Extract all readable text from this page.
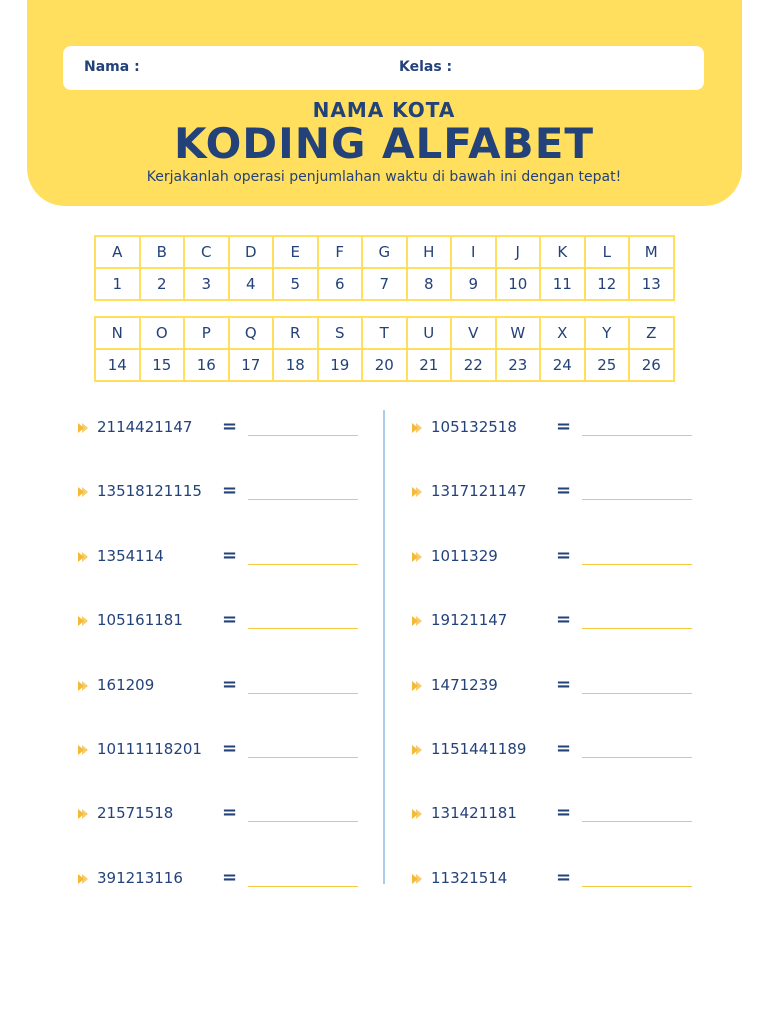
Nama :	Kelas :
NAMA KOTA
KODING ALFABET
Kerjakanlah operasi penjumlahan waktu di bawah ini dengan tepat!
A	B	C	D	E	F	G	H	I	J	K	L	M
1	2	3	4	5	6	7	8	9	10	11	12	13
N	O	P	Q	R	S	T	U	V	W	X	Y	Z
14	15	16	17	18	19	20	21	22	23	24	25	26
2114421147 =
13518121115 =
1354114	=
105161181 =
161209	=
10111118201 =
21571518	=
391213116 =
105132518 =
1317121147 =
1011329	=
19121147	=
1471239	=
1151441189 =
131421181 =
11321514	=
